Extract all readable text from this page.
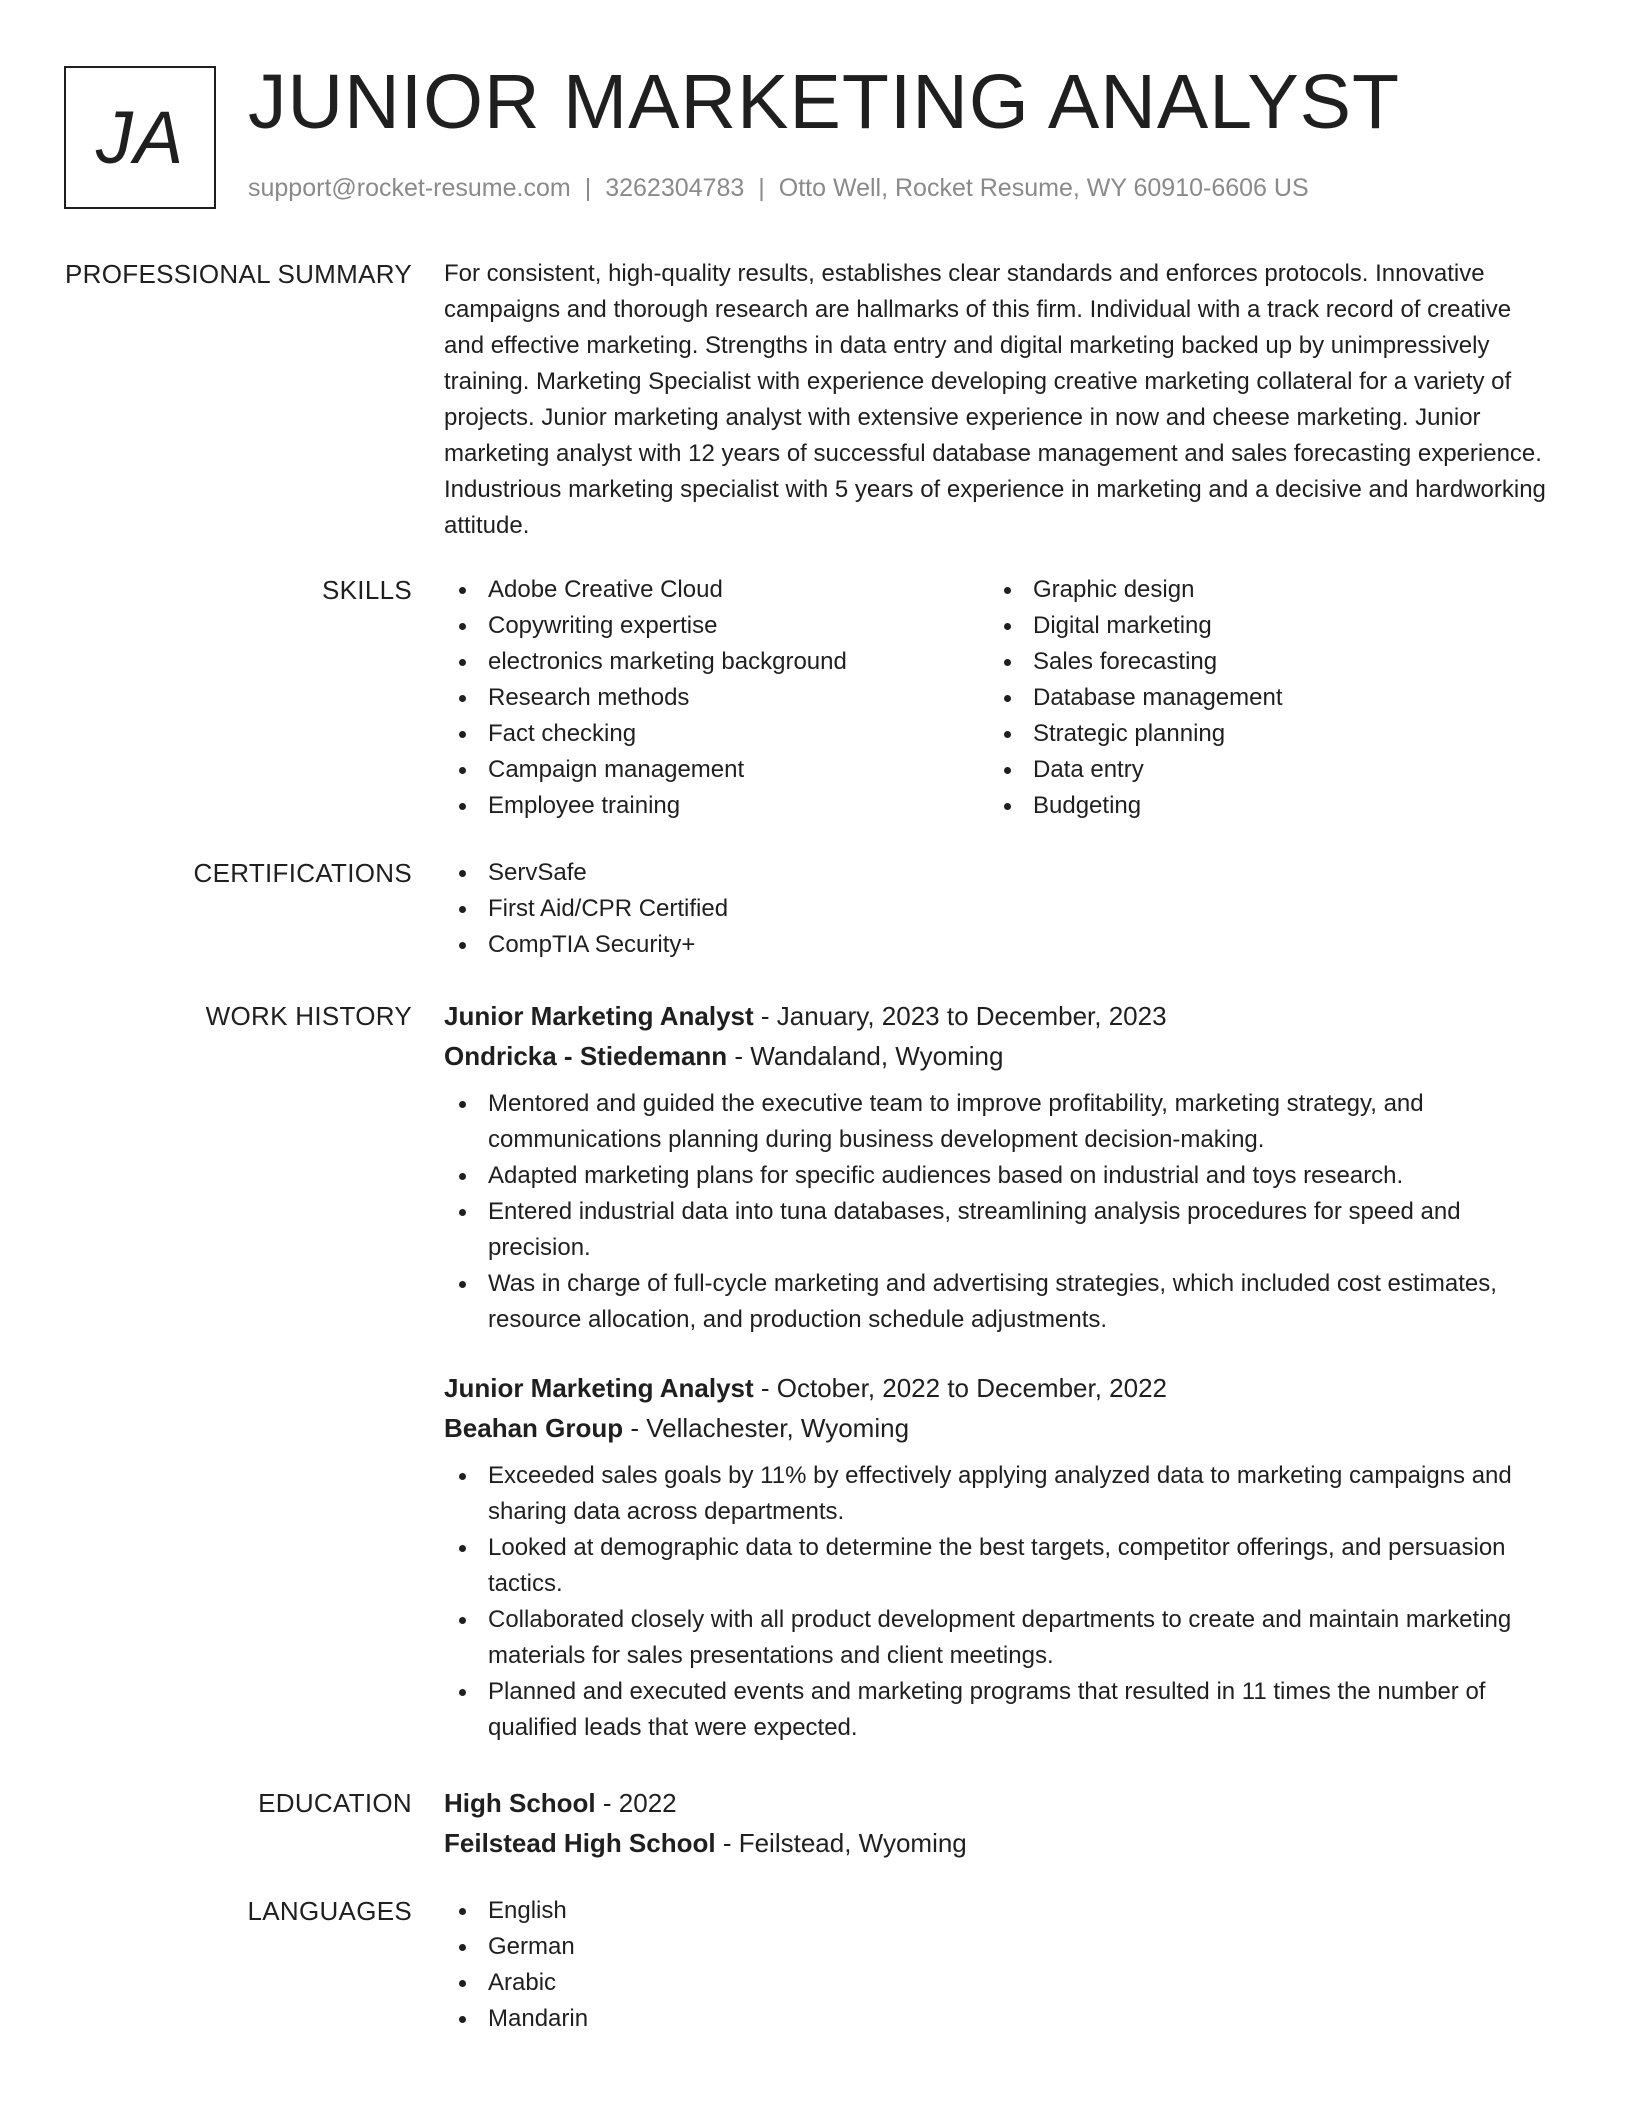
JA JUNIOR MARKETING ANALYST
support@rocket-resume.com | 3262304783 | Otto Well, Rocket Resume, WY 60910-6606 US
PROFESSIONAL SUMMARY For consistent, high-quality results, establishes clear standards and enforces protocols. Innovative campaigns and thorough research are hallmarks of this firm. Individual with a track record of creative and effective marketing. Strengths in data entry and digital marketing backed up by unimpressively training. Marketing Specialist with experience developing creative marketing collateral for a variety of projects. Junior marketing analyst with extensive experience in now and cheese marketing. Junior marketing analyst with 12 years of successful database management and sales forecasting experience. Industrious marketing specialist with 5 years of experience in marketing and a decisive and hardworking attitude.
SKILLS	Adobe Creative Cloud
Copywriting expertise
electronics marketing background
Research methods
Fact checking
Campaign management
Employee training
Graphic design
Digital marketing
Sales forecasting
Database management
Strategic planning
Data entry
Budgeting
CERTIFICATIONS	ServSafe
First Aid/CPR Certified
CompTIA Security+
WORK HISTORY Junior Marketing Analyst - January, 2023 to December, 2023
Ondricka - Stiedemann - Wandaland, Wyoming
Mentored and guided the executive team to improve profitability, marketing strategy, and communications planning during business development decision-making.
Adapted marketing plans for specific audiences based on industrial and toys research.
Entered industrial data into tuna databases, streamlining analysis procedures for speed and precision.
Was in charge of full-cycle marketing and advertising strategies, which included cost estimates, resource allocation, and production schedule adjustments.
Junior Marketing Analyst - October, 2022 to December, 2022
Beahan Group - Vellachester, Wyoming
Exceeded sales goals by 11% by effectively applying analyzed data to marketing campaigns and sharing data across departments.
Looked at demographic data to determine the best targets, competitor offerings, and persuasion tactics.
Collaborated closely with all product development departments to create and maintain marketing materials for sales presentations and client meetings.
Planned and executed events and marketing programs that resulted in 11 times the number of qualified leads that were expected.
EDUCATION High School - 2022
Feilstead High School - Feilstead, Wyoming
LANGUAGES	English
German
Arabic
Mandarin
